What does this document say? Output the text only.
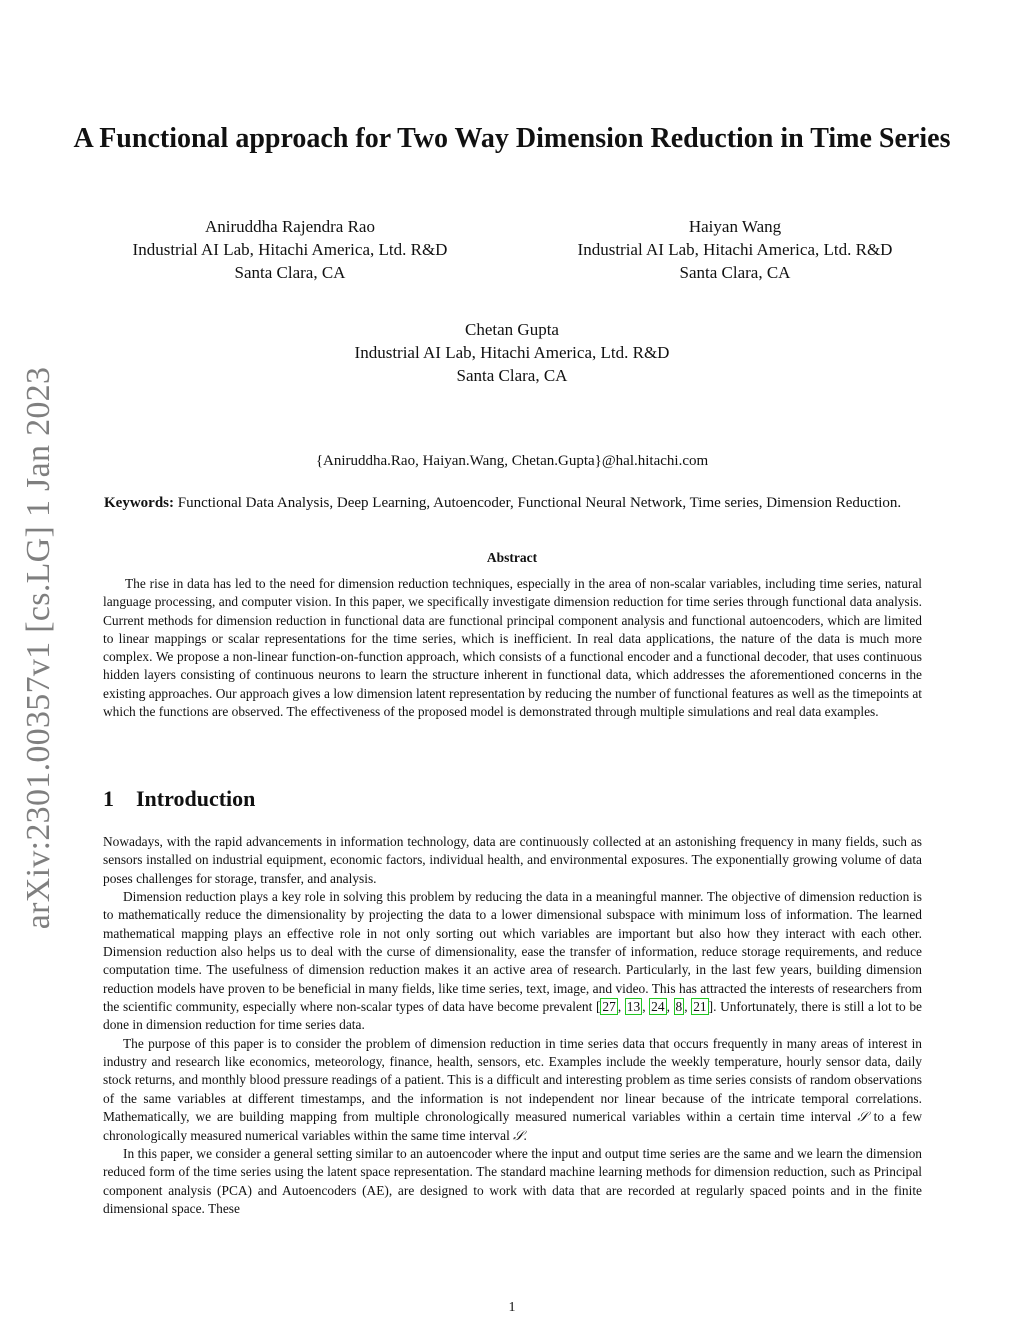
arXiv:2301.00357v1 [cs.LG] 1 Jan 2023
A Functional approach for Two Way Dimension Reduction in Time Series
Aniruddha Rajendra Rao
Industrial AI Lab, Hitachi America, Ltd. R&D
Santa Clara, CA
Haiyan Wang
Industrial AI Lab, Hitachi America, Ltd. R&D
Santa Clara, CA
Chetan Gupta
Industrial AI Lab, Hitachi America, Ltd. R&D
Santa Clara, CA
{Aniruddha.Rao, Haiyan.Wang, Chetan.Gupta}@hal.hitachi.com
Keywords: Functional Data Analysis, Deep Learning, Autoencoder, Functional Neural Network, Time series, Dimension Reduction.
Abstract

The rise in data has led to the need for dimension reduction techniques, especially in the area of non-scalar variables, including time series, natural language processing, and computer vision. In this paper, we specifically investigate dimension reduction for time series through functional data analysis. Current methods for dimension reduction in functional data are functional principal component analysis and functional autoencoders, which are limited to linear mappings or scalar representations for the time series, which is inefficient. In real data applications, the nature of the data is much more complex. We propose a non-linear function-on-function approach, which consists of a functional encoder and a functional decoder, that uses continuous hidden layers consisting of continuous neurons to learn the structure inherent in functional data, which addresses the aforementioned concerns in the existing approaches. Our approach gives a low dimension latent representation by reducing the number of functional features as well as the timepoints at which the functions are observed. The effectiveness of the proposed model is demonstrated through multiple simulations and real data examples.

1 Introduction

Nowadays, with the rapid advancements in information technology, data are continuously collected at an astonishing frequency in many fields, such as sensors installed on industrial equipment, economic factors, individual health, and environmental exposures. The exponentially growing volume of data poses challenges for storage, transfer, and analysis.

Dimension reduction plays a key role in solving this problem by reducing the data in a meaningful manner. The objective of dimension reduction is to mathematically reduce the dimensionality by projecting the data to a lower dimensional subspace with minimum loss of information. The learned mathematical mapping plays an effective role in not only sorting out which variables are important but also how they interact with each other. Dimension reduction also helps us to deal with the curse of dimensionality, ease the transfer of information, reduce storage requirements, and reduce computation time. The usefulness of dimension reduction makes it an active area of research. Particularly, in the last few years, building dimension reduction models have proven to be beneficial in many fields, like time series, text, image, and video. This has attracted the interests of researchers from the scientific community, especially where non-scalar types of data have become prevalent [ 27 , 13 , 24 , 8 , 21 ]. Unfortunately, there is still a lot to be done in dimension reduction for time series data.

The purpose of this paper is to consider the problem of dimension reduction in time series data that occurs frequently in many areas of interest in industry and research like economics, meteorology, finance, health, sensors, etc. Examples include the weekly temperature, hourly sensor data, daily stock returns, and monthly blood pressure readings of a patient. This is a difficult and interesting problem as time series consists of random observations of the same variables at different timestamps, and the information is not independent nor linear because of the intricate temporal correlations. Mathematically, we are building mapping from multiple chronologically measured numerical variables within a certain time interval 𝒮 to a few chronologically measured numerical variables within the same time interval 𝒮.

In this paper, we consider a general setting similar to an autoencoder where the input and output time series are the same and we learn the dimension reduced form of the time series using the latent space representation. The standard machine learning methods for dimension reduction, such as Principal component analysis (PCA) and Autoencoders (AE), are designed to work with data that are recorded at regularly spaced points and in the finite dimensional space. These

1
